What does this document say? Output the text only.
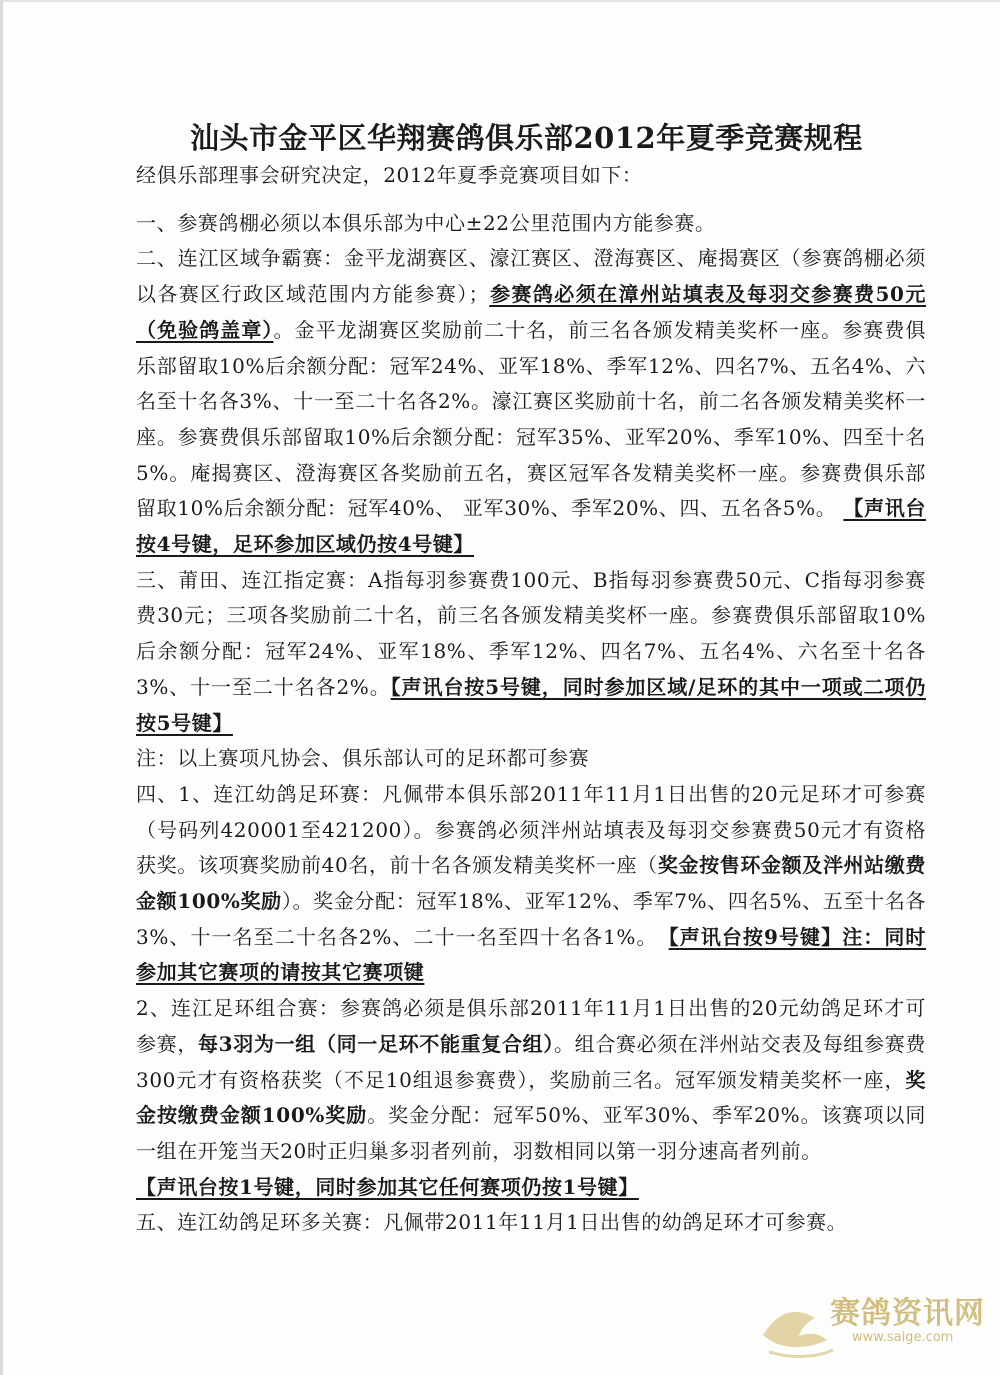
汕头市金平区华翔赛鸽俱乐部2012年夏季竞赛规程

经俱乐部理事会研究决定，2012年夏季竞赛项目如下：

一、参赛鸽棚必须以本俱乐部为中心±22公里范围内方能参赛。

二、连江区域争霸赛：金平龙湖赛区、濠江赛区、澄海赛区、庵揭赛区（参赛鸽棚必须以各赛区行政区域范围内方能参赛）；参赛鸽必须在漳州站填表及每羽交参赛费50元（免验鸽盖章）。金平龙湖赛区奖励前二十名，前三名各颁发精美奖杯一座。参赛费俱乐部留取10%后余额分配：冠军24%、亚军18%、季军12%、四名7%、五名4%、六名至十名各3%、十一至二十名各2%。濠江赛区奖励前十名，前二名各颁发精美奖杯一座。参赛费俱乐部留取10%后余额分配：冠军35%、亚军20%、季军10%、四至十名5%。庵揭赛区、澄海赛区各奖励前五名，赛区冠军各发精美奖杯一座。参赛费俱乐部留取10%后余额分配：冠军40%、 亚军30%、季军20%、四、五名各5%。 【声讯台按4号键，足环参加区域仍按4号键】

三、莆田、连江指定赛：A指每羽参赛费100元、B指每羽参赛费50元、C指每羽参赛费30元；三项各奖励前二十名，前三名各颁发精美奖杯一座。参赛费俱乐部留取10%后余额分配：冠军24%、亚军18%、季军12%、四名7%、五名4%、六名至十名各3%、十一至二十名各2%。【声讯台按5号键，同时参加区域/足环的其中一项或二项仍按5号键】

注：以上赛项凡协会、俱乐部认可的足环都可参赛

四、1、连江幼鸽足环赛：凡佩带本俱乐部2011年11月1日出售的20元足环才可参赛（号码列420001至421200）。参赛鸽必须泮州站填表及每羽交参赛费50元才有资格获奖。该项赛奖励前40名，前十名各颁发精美奖杯一座（奖金按售环金额及泮州站缴费金额100%奖励）。奖金分配：冠军18%、亚军12%、季军7%、四名5%、五至十名各3%、十一名至二十名各2%、二十一名至四十名各1%。　【声讯台按9号键】注：同时参加其它赛项的请按其它赛项键

2、连江足环组合赛：参赛鸽必须是俱乐部2011年11月1日出售的20元幼鸽足环才可参赛，每3羽为一组（同一足环不能重复合组）。组合赛必须在泮州站交表及每组参赛费300元才有资格获奖（不足10组退参赛费），奖励前三名。冠军颁发精美奖杯一座，奖金按缴费金额100%奖励。奖金分配：冠军50%、亚军30%、季军20%。该赛项以同一组在开笼当天20时正归巢多羽者列前，羽数相同以第一羽分速高者列前。

【声讯台按1号键，同时参加其它任何赛项仍按1号键】

五、连江幼鸽足环多关赛：凡佩带2011年11月1日出售的幼鸽足环才可参赛。

赛鸽资讯网
www.saige.com
